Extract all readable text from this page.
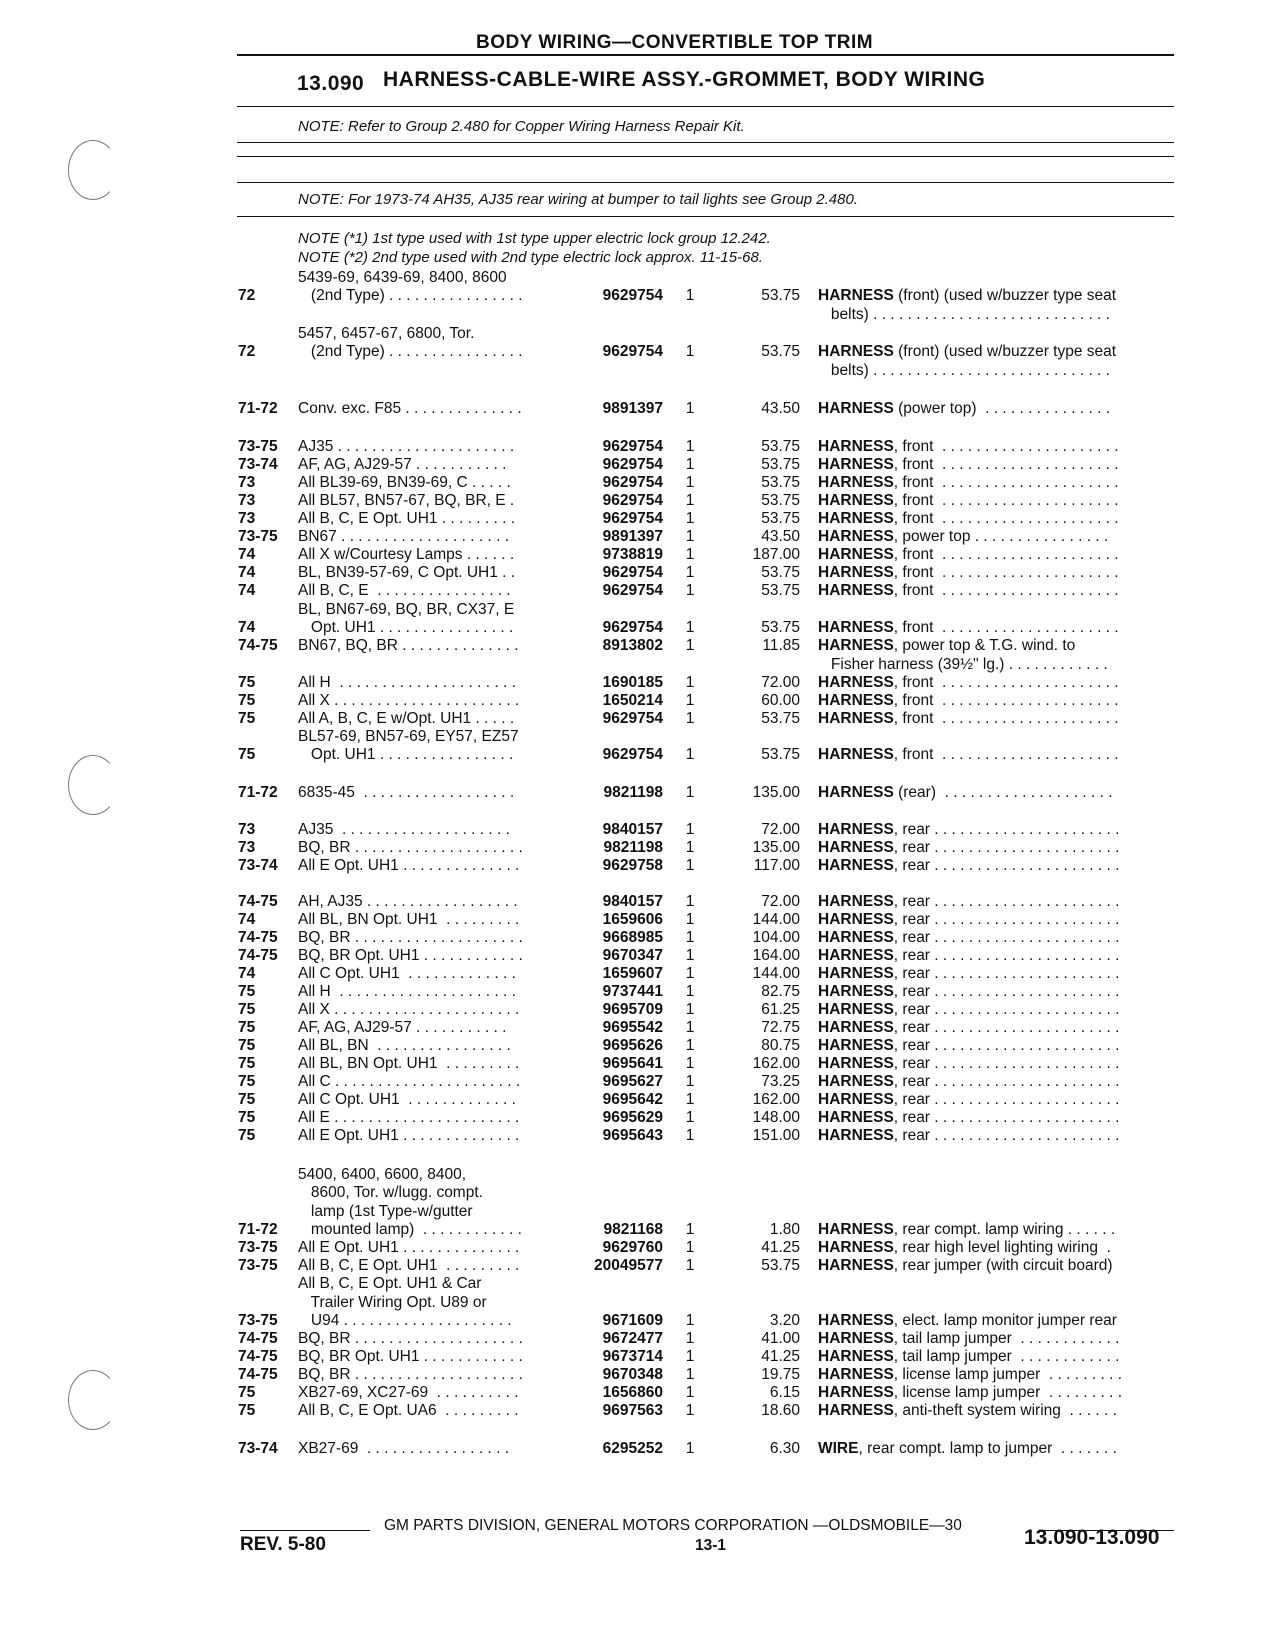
BODY WIRING—CONVERTIBLE TOP TRIM
13.090 HARNESS-CABLE-WIRE ASSY.-GROMMET, BODY WIRING
NOTE: Refer to Group 2.480 for Copper Wiring Harness Repair Kit.
NOTE: For 1973-74 AH35, AJ35 rear wiring at bumper to tail lights see Group 2.480.
NOTE (*1) 1st type used with 1st type upper electric lock group 12.242.
NOTE (*2) 2nd type used with 2nd type electric lock approx. 11-15-68.
72
5439-69, 6439-69, 8400, 8600
(2nd Type) . . . . . . . . . . . . . . . .	9629754	1	53.75 HARNESS (front) (used w/buzzer type seat
belts) . . . . . . . . . . . . . . . . . . . . . . . . . . . .
72
5457, 6457-67, 6800, Tor.
(2nd Type) . . . . . . . . . . . . . . . .	9629754	1	53.75 HARNESS (front) (used w/buzzer type seat
belts) . . . . . . . . . . . . . . . . . . . . . . . . . . . .
71-72 Conv. exc. F85 . . . . . . . . . . . . . .	9891397	1	43.50 HARNESS (power top)  . . . . . . . . . . . . . . .
73-75 AJ35 . . . . . . . . . . . . . . . . . . . . .	9629754	1	53.75 HARNESS, front  . . . . . . . . . . . . . . . . . . . . .
73-74 AF, AG, AJ29-57 . . . . . . . . . . .	9629754	1	53.75 HARNESS, front  . . . . . . . . . . . . . . . . . . . . .
73	All BL39-69, BN39-69, C . . . . .	9629754	1	53.75 HARNESS, front  . . . . . . . . . . . . . . . . . . . . .
73	All BL57, BN57-67, BQ, BR, E .	9629754	1	53.75 HARNESS, front  . . . . . . . . . . . . . . . . . . . . .
73	All B, C, E Opt. UH1 . . . . . . . . .	9629754	1	53.75 HARNESS, front  . . . . . . . . . . . . . . . . . . . . .
73-75 BN67 . . . . . . . . . . . . . . . . . . . .	9891397	1	43.50 HARNESS, power top . . . . . . . . . . . . . . . .
74	All X w/Courtesy Lamps . . . . . .	9738819	1	187.00 HARNESS, front  . . . . . . . . . . . . . . . . . . . . .
74	BL, BN39-57-69, C Opt. UH1 . .	9629754	1	53.75 HARNESS, front  . . . . . . . . . . . . . . . . . . . . .
74	All B, C, E  . . . . . . . . . . . . . . . .	9629754	1	53.75 HARNESS, front  . . . . . . . . . . . . . . . . . . . . .
74
BL, BN67-69, BQ, BR, CX37, E
Opt. UH1 . . . . . . . . . . . . . . . .	9629754	1	53.75 HARNESS, front  . . . . . . . . . . . . . . . . . . . . .
74-75 BN67, BQ, BR . . . . . . . . . . . . . .	8913802	1	11.85 HARNESS, power top & T.G. wind. to
Fisher harness (39½" lg.) . . . . . . . . . . . .
75	All H  . . . . . . . . . . . . . . . . . . . . .	1690185	1	72.00 HARNESS, front  . . . . . . . . . . . . . . . . . . . . .
75	All X . . . . . . . . . . . . . . . . . . . . . .	1650214	1	60.00 HARNESS, front  . . . . . . . . . . . . . . . . . . . . .
75	All A, B, C, E w/Opt. UH1 . . . . .	9629754	1	53.75 HARNESS, front  . . . . . . . . . . . . . . . . . . . . .
75
BL57-69, BN57-69, EY57, EZ57
Opt. UH1 . . . . . . . . . . . . . . . .	9629754	1	53.75 HARNESS, front  . . . . . . . . . . . . . . . . . . . . .
71-72 6835-45  . . . . . . . . . . . . . . . . . .	9821198	1	135.00 HARNESS (rear)  . . . . . . . . . . . . . . . . . . . .
73	AJ35  . . . . . . . . . . . . . . . . . . . .	9840157	1	72.00 HARNESS, rear . . . . . . . . . . . . . . . . . . . . . .
73	BQ, BR . . . . . . . . . . . . . . . . . . . .	9821198	1	135.00 HARNESS, rear . . . . . . . . . . . . . . . . . . . . . .
73-74 All E Opt. UH1 . . . . . . . . . . . . . .	9629758	1	117.00 HARNESS, rear . . . . . . . . . . . . . . . . . . . . . .
74-75 AH, AJ35 . . . . . . . . . . . . . . . . . .	9840157	1	72.00 HARNESS, rear . . . . . . . . . . . . . . . . . . . . . .
74	All BL, BN Opt. UH1  . . . . . . . . .	1659606	1	144.00 HARNESS, rear . . . . . . . . . . . . . . . . . . . . . .
74-75 BQ, BR . . . . . . . . . . . . . . . . . . . .	9668985	1	104.00 HARNESS, rear . . . . . . . . . . . . . . . . . . . . . .
74-75 BQ, BR Opt. UH1 . . . . . . . . . . . .	9670347	1	164.00 HARNESS, rear . . . . . . . . . . . . . . . . . . . . . .
74	All C Opt. UH1  . . . . . . . . . . . . .	1659607	1	144.00 HARNESS, rear . . . . . . . . . . . . . . . . . . . . . .
75	All H  . . . . . . . . . . . . . . . . . . . . .	9737441	1	82.75 HARNESS, rear . . . . . . . . . . . . . . . . . . . . . .
75	All X . . . . . . . . . . . . . . . . . . . . . .	9695709	1	61.25 HARNESS, rear . . . . . . . . . . . . . . . . . . . . . .
75	AF, AG, AJ29-57 . . . . . . . . . . .	9695542	1	72.75 HARNESS, rear . . . . . . . . . . . . . . . . . . . . . .
75	All BL, BN  . . . . . . . . . . . . . . . .	9695626	1	80.75 HARNESS, rear . . . . . . . . . . . . . . . . . . . . . .
75	All BL, BN Opt. UH1  . . . . . . . . .	9695641	1	162.00 HARNESS, rear . . . . . . . . . . . . . . . . . . . . . .
75	All C . . . . . . . . . . . . . . . . . . . . . .	9695627	1	73.25 HARNESS, rear . . . . . . . . . . . . . . . . . . . . . .
75	All C Opt. UH1  . . . . . . . . . . . . .	9695642	1	162.00 HARNESS, rear . . . . . . . . . . . . . . . . . . . . . .
75	All E . . . . . . . . . . . . . . . . . . . . . .	9695629	1	148.00 HARNESS, rear . . . . . . . . . . . . . . . . . . . . . .
75	All E Opt. UH1 . . . . . . . . . . . . . .	9695643	1	151.00 HARNESS, rear . . . . . . . . . . . . . . . . . . . . . .
71-72
5400, 6400, 6600, 8400,
8600, Tor. w/lugg. compt.
lamp (1st Type-w/gutter
mounted lamp)  . . . . . . . . . . . .	9821168	1	1.80 HARNESS, rear compt. lamp wiring . . . . . .
73-75 All E Opt. UH1 . . . . . . . . . . . . . .	9629760	1	41.25 HARNESS, rear high level lighting wiring  .
73-75 All B, C, E Opt. UH1  . . . . . . . . .	20049577	1	53.75 HARNESS, rear jumper (with circuit board)
73-75
All B, C, E Opt. UH1 & Car
Trailer Wiring Opt. U89 or
U94 . . . . . . . . . . . . . . . . . . . .	9671609	1	3.20 HARNESS, elect. lamp monitor jumper rear
74-75 BQ, BR . . . . . . . . . . . . . . . . . . . .	9672477	1	41.00 HARNESS, tail lamp jumper  . . . . . . . . . . . .
74-75 BQ, BR Opt. UH1 . . . . . . . . . . . .	9673714	1	41.25 HARNESS, tail lamp jumper  . . . . . . . . . . . .
74-75 BQ, BR . . . . . . . . . . . . . . . . . . . .	9670348	1	19.75 HARNESS, license lamp jumper  . . . . . . . . .
75	XB27-69, XC27-69  . . . . . . . . . .	1656860	1	6.15 HARNESS, license lamp jumper  . . . . . . . . .
75	All B, C, E Opt. UA6  . . . . . . . . .	9697563	1	18.60 HARNESS, anti-theft system wiring  . . . . . .
73-74 XB27-69  . . . . . . . . . . . . . . . . .	6295252	1	6.30 WIRE, rear compt. lamp to jumper  . . . . . . .
GM PARTS DIVISION, GENERAL MOTORS CORPORATION —OLDSMOBILE—30
REV. 5-80	13-1	13.090-13.090
